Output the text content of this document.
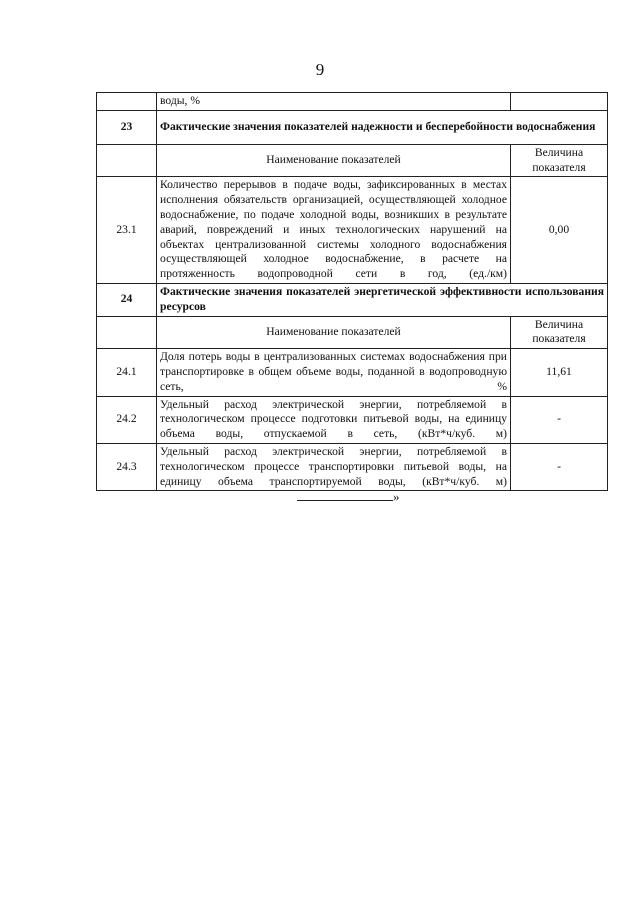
9
	воды, %	
23	Фактические значения показателей надежности и бесперебойности водоснабжения	
	Наименование показателей	Величина показателя
23.1	Количество перерывов в подаче воды, зафиксированных в местах исполнения обязательств организацией, осуществляющей холодное водоснабжение, по подаче холодной воды, возникших в результате аварий, повреждений и иных технологических нарушений на объектах централизованной системы холодного водоснабжения осуществляющей холодное водоснабжение, в расчете на протяженность водопроводной сети в год, (ед./км)	0,00
24	Фактические значения показателей энергетической эффективности использования ресурсов	
	Наименование показателей	Величина показателя
24.1	Доля потерь воды в централизованных системах водоснабжения при транспортировке в общем объеме воды, поданной в водопроводную сеть, %	11,61
24.2	Удельный расход электрической энергии, потребляемой в технологическом процессе подготовки питьевой воды, на единицу объема воды, отпускаемой в сеть, (кВт*ч/куб. м)	-
24.3	Удельный расход электрической энергии, потребляемой в технологическом процессе транспортировки питьевой воды, на единицу объема транспортируемой воды, (кВт*ч/куб. м)	-
»
